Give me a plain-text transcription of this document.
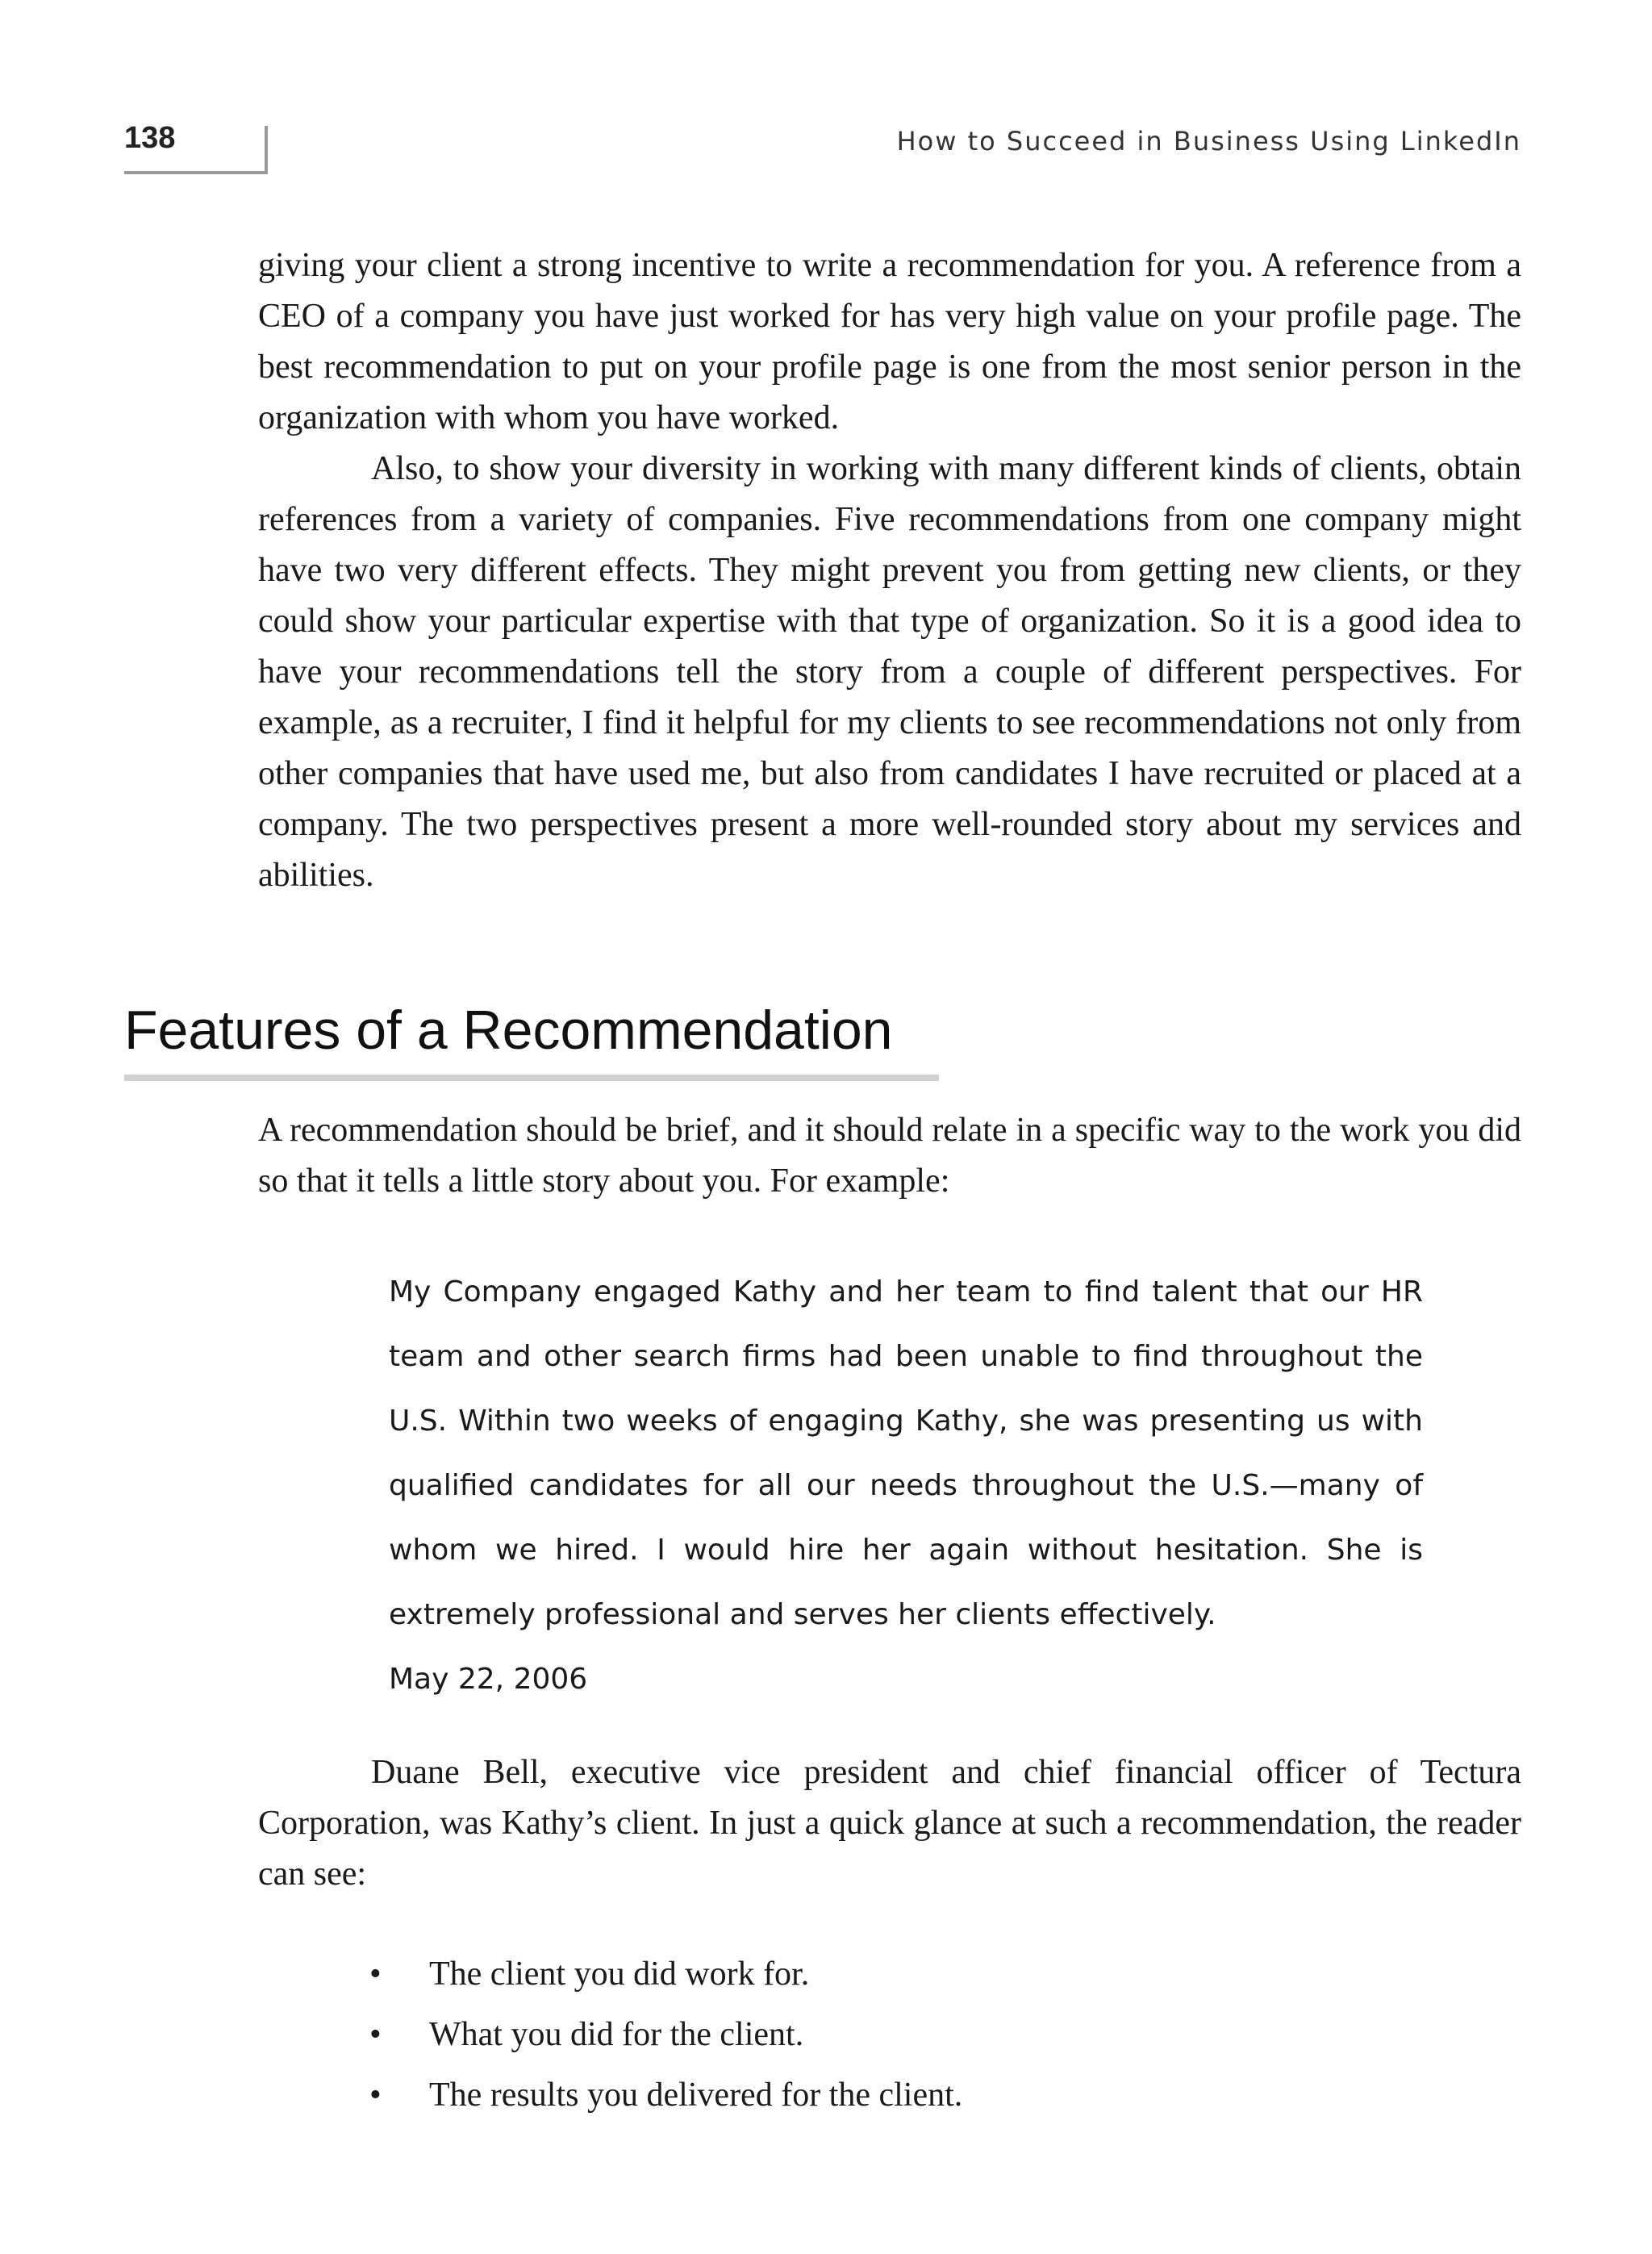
138	How to Succeed in Business Using LinkedIn

giving your client a strong incentive to write a recommendation for you. A reference from a CEO of a company you have just worked for has very high value on your profile page. The best recommendation to put on your profile page is one from the most senior person in the organization with whom you have worked.

Also, to show your diversity in working with many different kinds of clients, obtain references from a variety of companies. Five recommendations from one company might have two very different effects. They might prevent you from getting new clients, or they could show your particular expertise with that type of organization. So it is a good idea to have your recommendations tell the story from a couple of different perspectives. For example, as a recruiter, I find it helpful for my clients to see recommendations not only from other companies that have used me, but also from candidates I have recruited or placed at a company. The two perspectives present a more well-rounded story about my services and abilities.

Features of a Recommendation

A recommendation should be brief, and it should relate in a specific way to the work you did so that it tells a little story about you. For example:

My Company engaged Kathy and her team to find talent that our HR team and other search firms had been unable to find throughout the U.S. Within two weeks of engaging Kathy, she was presenting us with qualified candidates for all our needs throughout the U.S.—many of whom we hired. I would hire her again without hesitation. She is extremely professional and serves her clients effectively.

May 22, 2006

Duane Bell, executive vice president and chief financial officer of Tectura Corporation, was Kathy’s client. In just a quick glance at such a recommendation, the reader can see:

• The client you did work for.
• What you did for the client.
• The results you delivered for the client.
